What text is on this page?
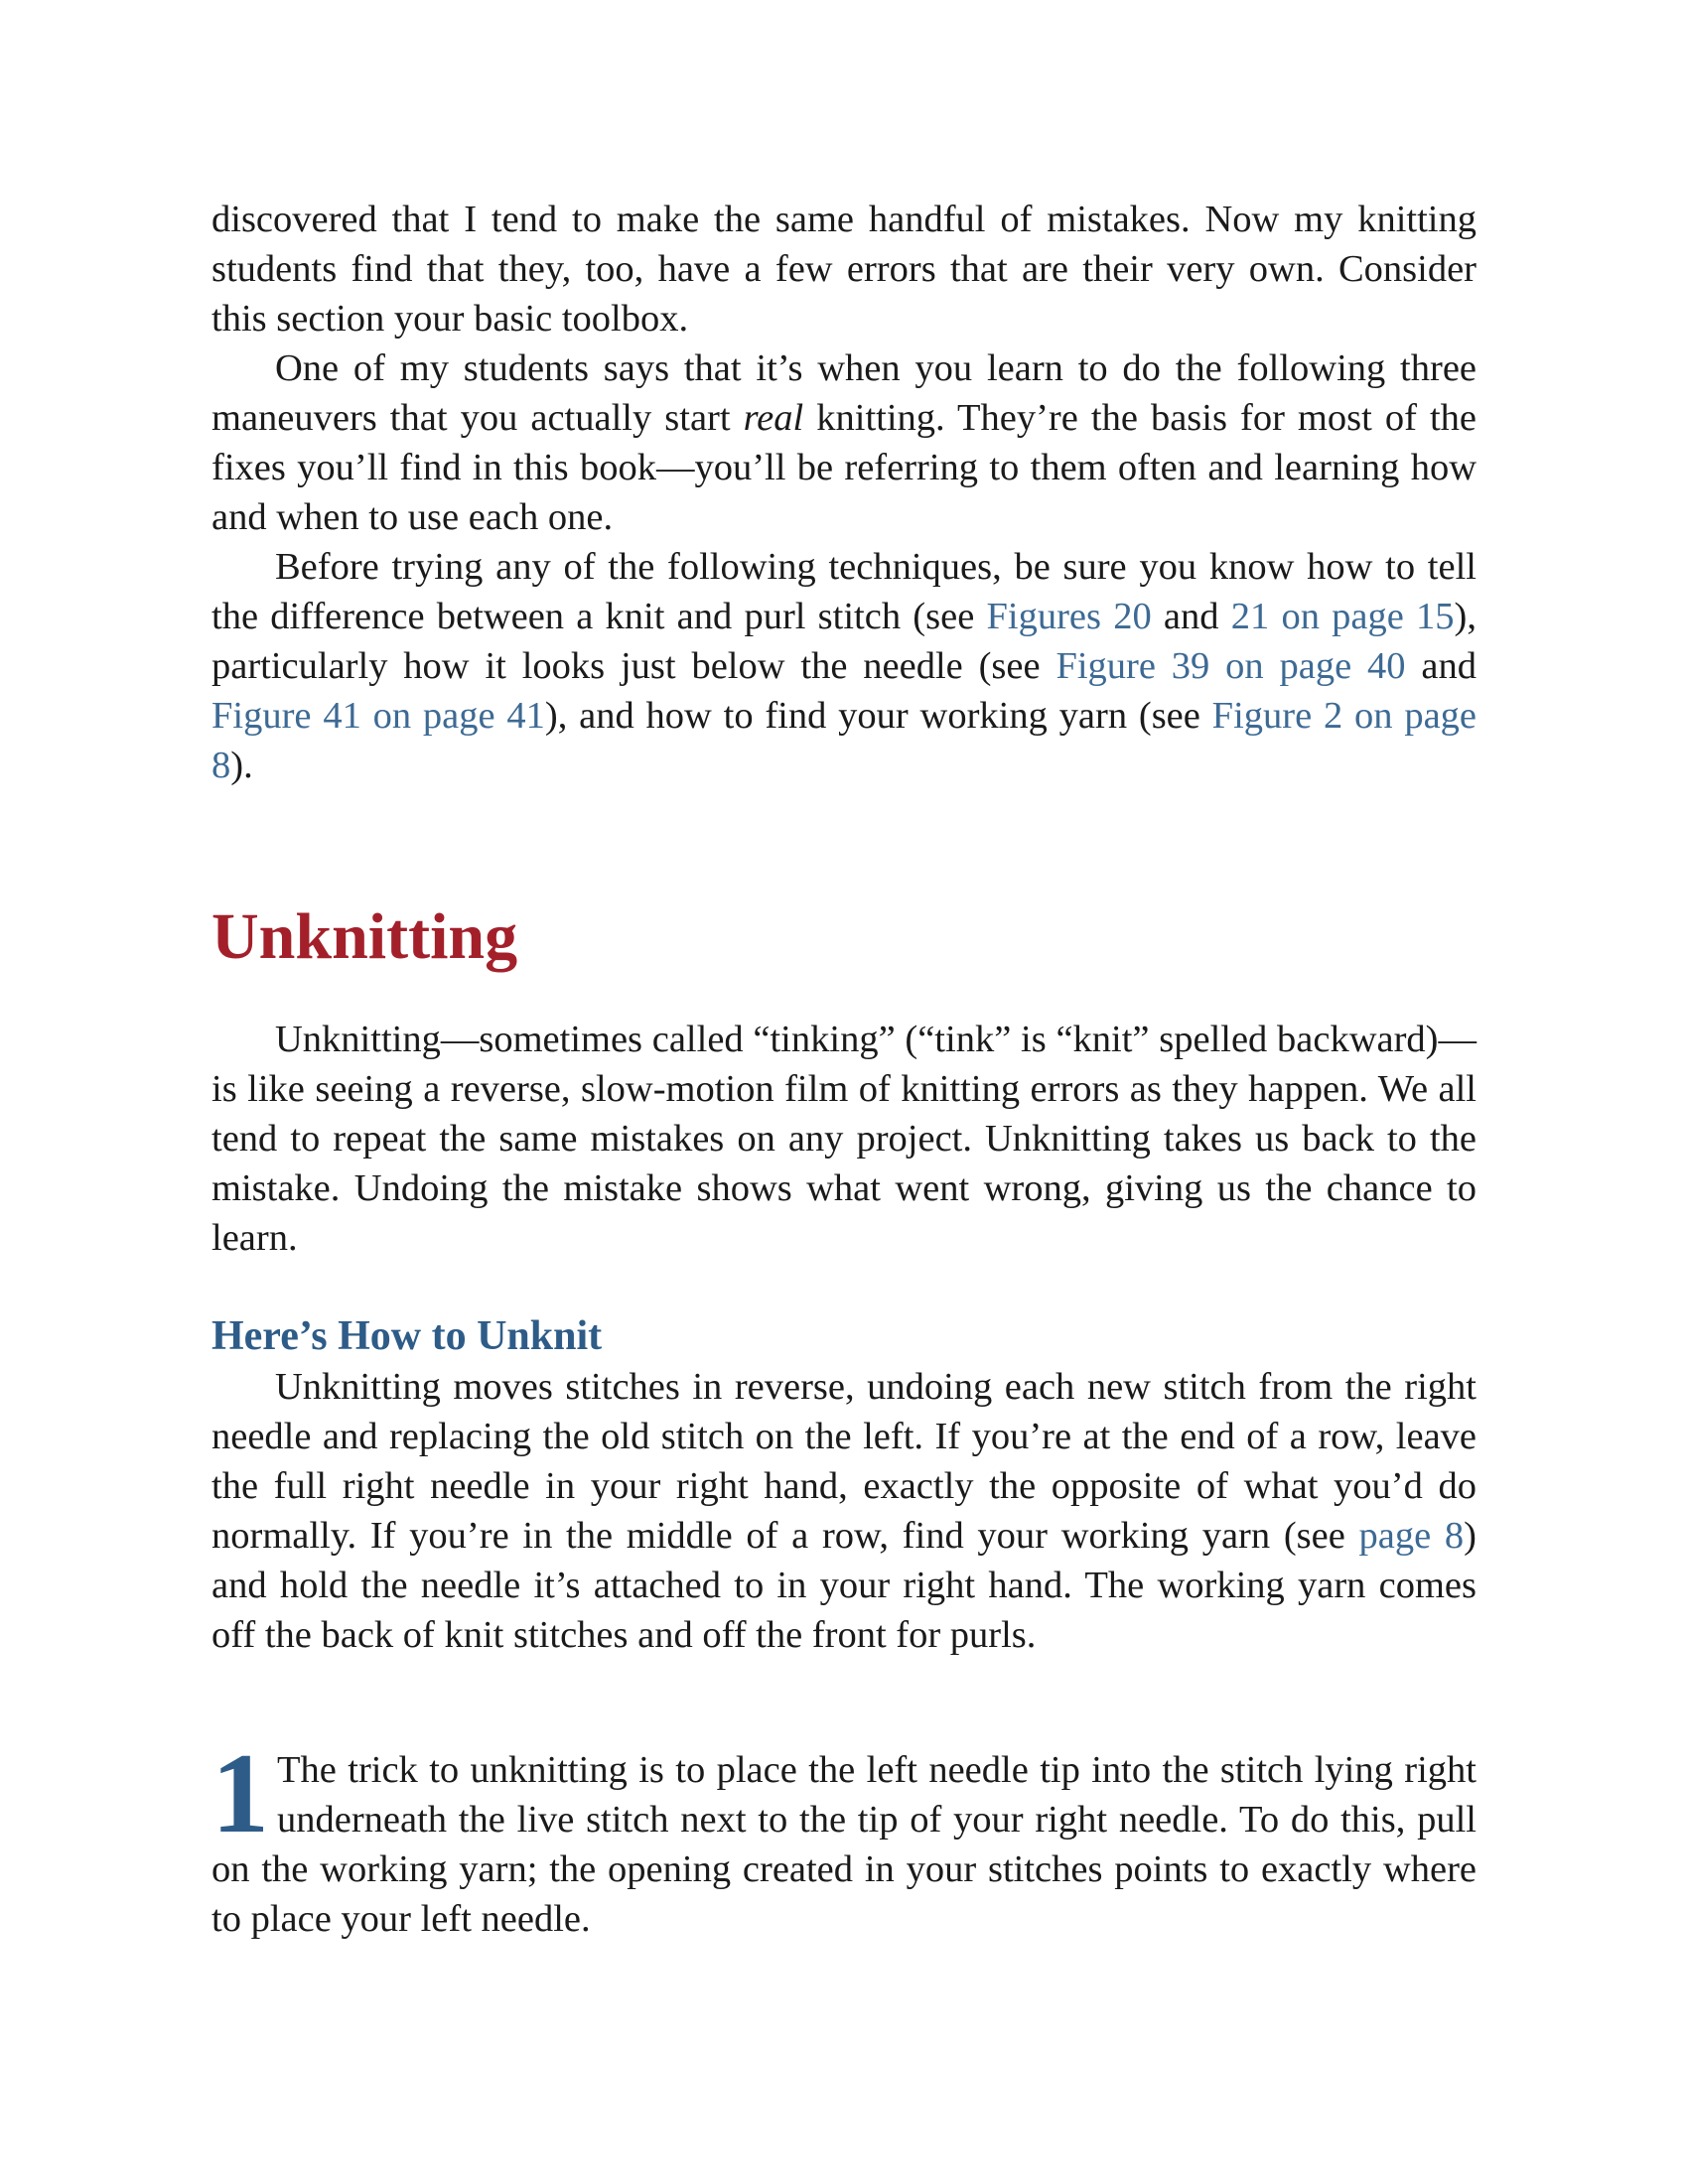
discovered that I tend to make the same handful of mistakes. Now my knitting students find that they, too, have a few errors that are their very own. Consider this section your basic toolbox.

One of my students says that it’s when you learn to do the following three maneuvers that you actually start real knitting. They’re the basis for most of the fixes you’ll find in this book—you’ll be referring to them often and learning how and when to use each one.

Before trying any of the following techniques, be sure you know how to tell the difference between a knit and purl stitch (see Figures 20 and 21 on page 15), particularly how it looks just below the needle (see Figure 39 on page 40 and Figure 41 on page 41), and how to find your working yarn (see Figure 2 on page 8).

Unknitting

Unknitting—sometimes called “tinking” (“tink” is “knit” spelled backward)—is like seeing a reverse, slow-motion film of knitting errors as they happen. We all tend to repeat the same mistakes on any project. Unknitting takes us back to the mistake. Undoing the mistake shows what went wrong, giving us the chance to learn.

Here’s How to Unknit

Unknitting moves stitches in reverse, undoing each new stitch from the right needle and replacing the old stitch on the left. If you’re at the end of a row, leave the full right needle in your right hand, exactly the opposite of what you’d do normally. If you’re in the middle of a row, find your working yarn (see page 8) and hold the needle it’s attached to in your right hand. The working yarn comes off the back of knit stitches and off the front for purls.

1 The trick to unknitting is to place the left needle tip into the stitch lying right underneath the live stitch next to the tip of your right needle. To do this, pull on the working yarn; the opening created in your stitches points to exactly where to place your left needle.
